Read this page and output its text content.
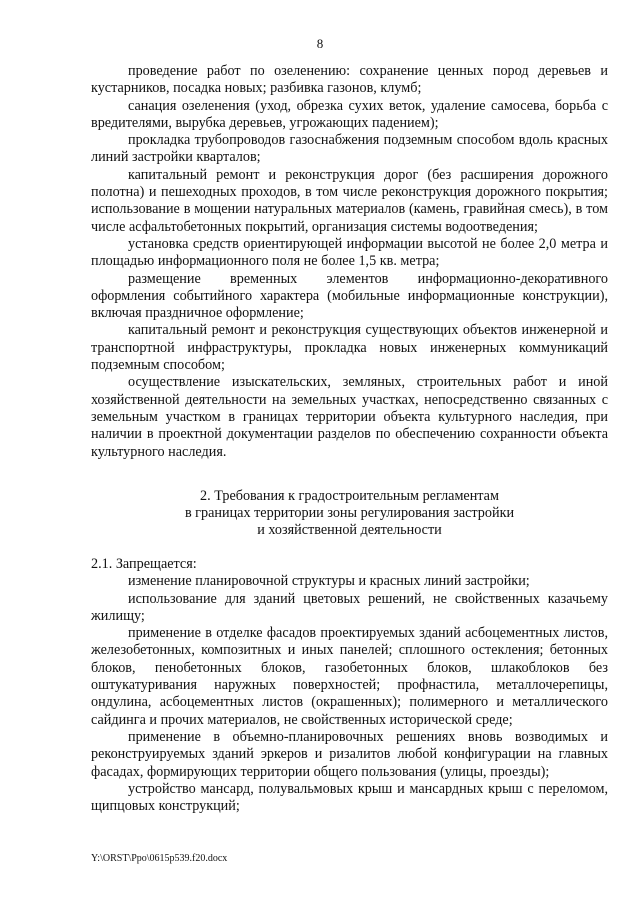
8

проведение работ по озеленению: сохранение ценных пород деревьев и кустарников, посадка новых; разбивка газонов, клумб;

санация озеленения (уход, обрезка сухих веток, удаление самосева, борьба с вредителями, вырубка деревьев, угрожающих падением);

прокладка трубопроводов газоснабжения подземным способом вдоль красных линий застройки кварталов;

капитальный ремонт и реконструкция дорог (без расширения дорожного полотна) и пешеходных проходов, в том числе реконструкция дорожного покрытия; использование в мощении натуральных материалов (камень, гравийная смесь), в том числе асфальтобетонных покрытий, организация системы водоотведения;

установка средств ориентирующей информации высотой не более 2,0 метра и площадью информационного поля не более 1,5 кв. метра;

размещение временных элементов информационно-декоративного оформления событийного характера (мобильные информационные конструкции), включая праздничное оформление;

капитальный ремонт и реконструкция существующих объектов инженерной и транспортной инфраструктуры, прокладка новых инженерных коммуникаций подземным способом;

осуществление изыскательских, земляных, строительных работ и иной хозяйственной деятельности на земельных участках, непосредственно связанных с земельным участком в границах территории объекта культурного наследия, при наличии в проектной документации разделов по обеспечению сохранности объекта культурного наследия.

2. Требования к градостроительным регламентам
в границах территории зоны регулирования застройки
и хозяйственной деятельности

2.1. Запрещается:

изменение планировочной структуры и красных линий застройки;

использование для зданий цветовых решений, не свойственных казачьему жилищу;

применение в отделке фасадов проектируемых зданий асбоцементных листов, железобетонных, композитных и иных панелей; сплошного остекления; бетонных блоков, пенобетонных блоков, газобетонных блоков, шлакоблоков без оштукатуривания наружных поверхностей; профнастила, металлочерепицы, ондулина, асбоцементных листов (окрашенных); полимерного и металлического сайдинга и прочих материалов, не свойственных исторической среде;

применение в объемно-планировочных решениях вновь возводимых и реконструируемых зданий эркеров и ризалитов любой конфигурации на главных фасадах, формирующих территории общего пользования (улицы, проезды);

устройство мансард, полувальмовых крыш и мансардных крыш с переломом, щипцовых конструкций;

Y:\ORST\Ppo\0615p539.f20.docx
